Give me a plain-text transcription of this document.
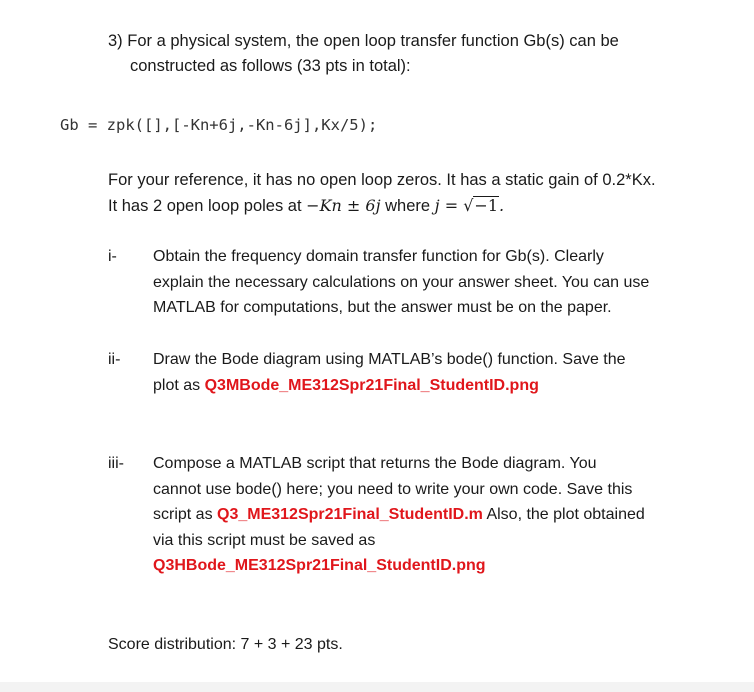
3) For a physical system, the open loop transfer function Gb(s) can be
constructed as follows (33 pts in total):
Gb = zpk([],[-Kn+6j,-Kn-6j],Kx/5);
For your reference, it has no open loop zeros. It has a static gain of 0.2*Kx.
It has 2 open loop poles at −Kn ± 6j where j = √−1.
i- Obtain the frequency domain transfer function for Gb(s). Clearly
explain the necessary calculations on your answer sheet. You can use
MATLAB for computations, but the answer must be on the paper.
ii- Draw the Bode diagram using MATLAB’s bode() function. Save the
plot as Q3MBode_ME312Spr21Final_StudentID.png
iii- Compose a MATLAB script that returns the Bode diagram. You
cannot use bode() here; you need to write your own code. Save this
script as Q3_ME312Spr21Final_StudentID.m Also, the plot obtained
via this script must be saved as
Q3HBode_ME312Spr21Final_StudentID.png
Score distribution: 7 + 3 + 23 pts.
